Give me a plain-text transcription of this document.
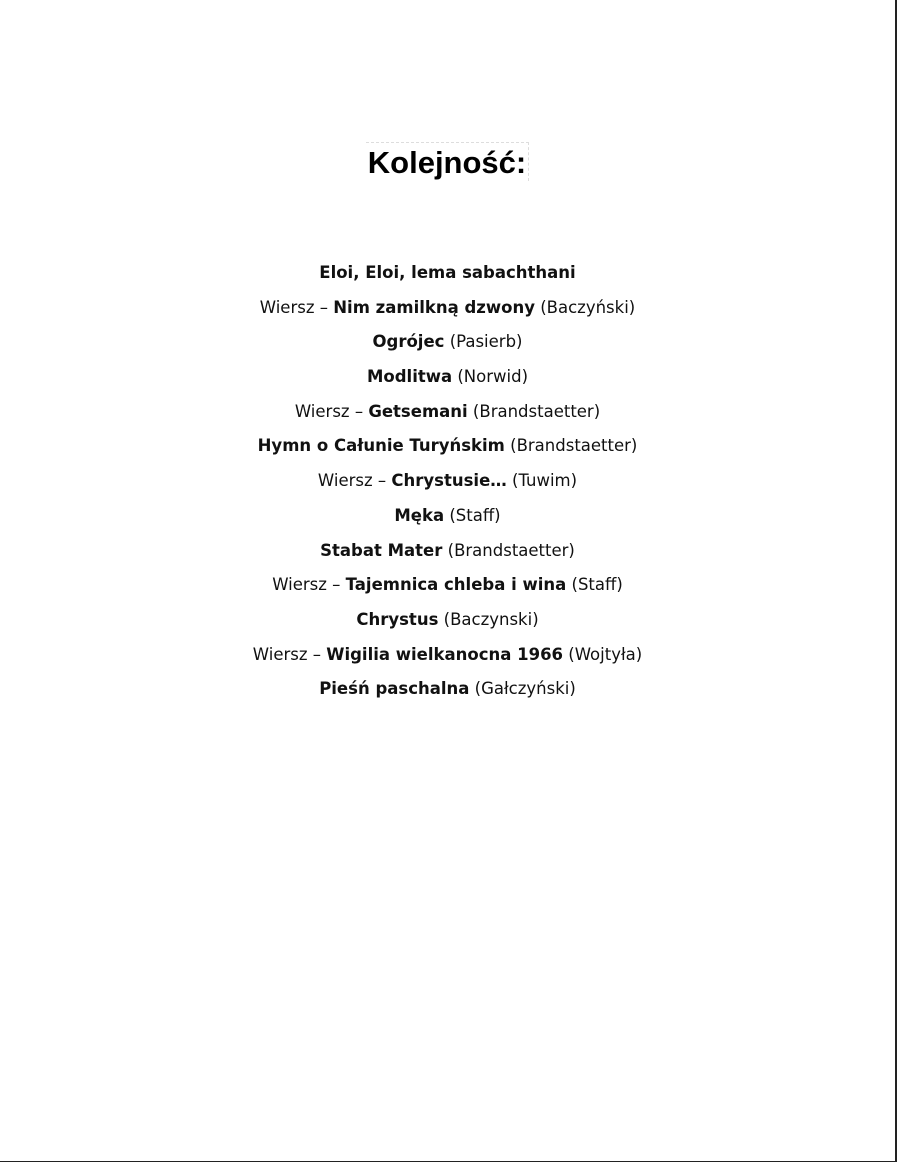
Kolejność:
Eloi, Eloi, lema sabachthani
Wiersz – Nim zamilkną dzwony (Baczyński)
Ogrójec (Pasierb)
Modlitwa (Norwid)
Wiersz – Getsemani (Brandstaetter)
Hymn o Całunie Turyńskim (Brandstaetter)
Wiersz – Chrystusie… (Tuwim)
Męka (Staff)
Stabat Mater (Brandstaetter)
Wiersz – Tajemnica chleba i wina (Staff)
Chrystus (Baczynski)
Wiersz – Wigilia wielkanocna 1966 (Wojtyła)
Pieśń paschalna (Gałczyński)
